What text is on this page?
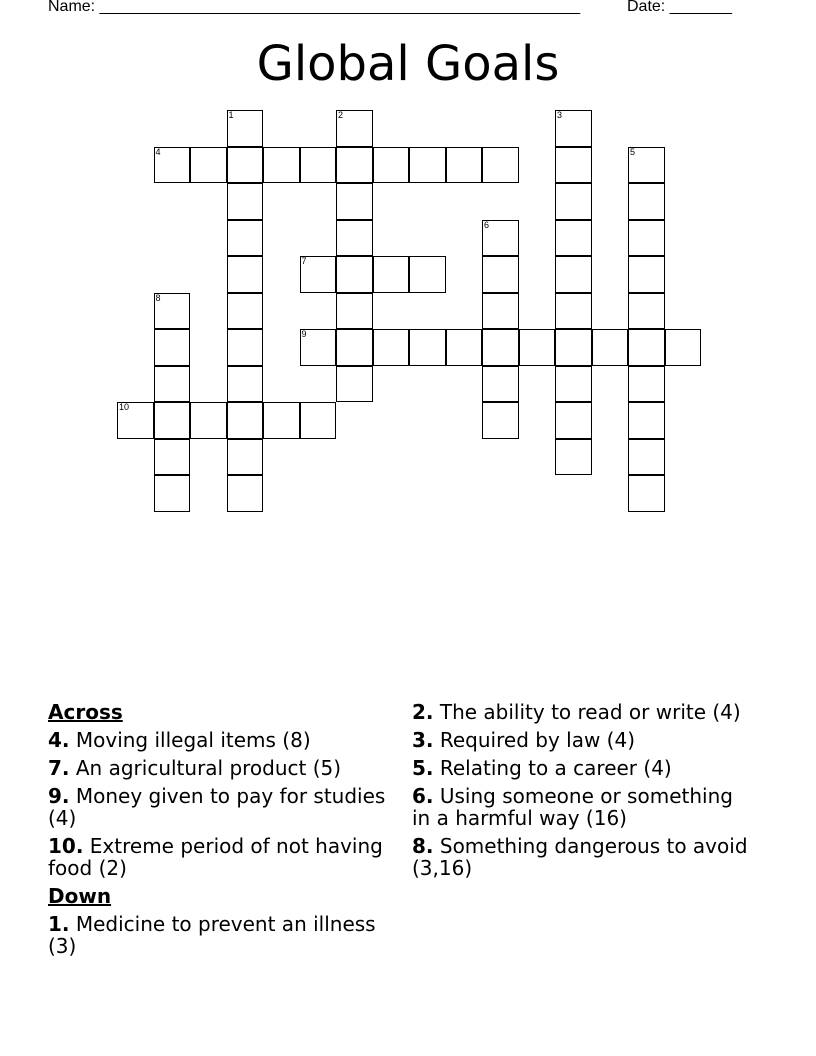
Name: ______________________________________________________	Date: _______
Global Goals
1	2	3
4	5
6
7
8
9
10
Across
4. Moving illegal items (8)
7. An agricultural product (5)
9. Money given to pay for studies (4)
10. Extreme period of not having food (2)
Down
1. Medicine to prevent an illness (3)
2. The ability to read or write (4)
3. Required by law (4)
5. Relating to a career (4)
6. Using someone or something in a harmful way (16)
8. Something dangerous to avoid (3,16)
